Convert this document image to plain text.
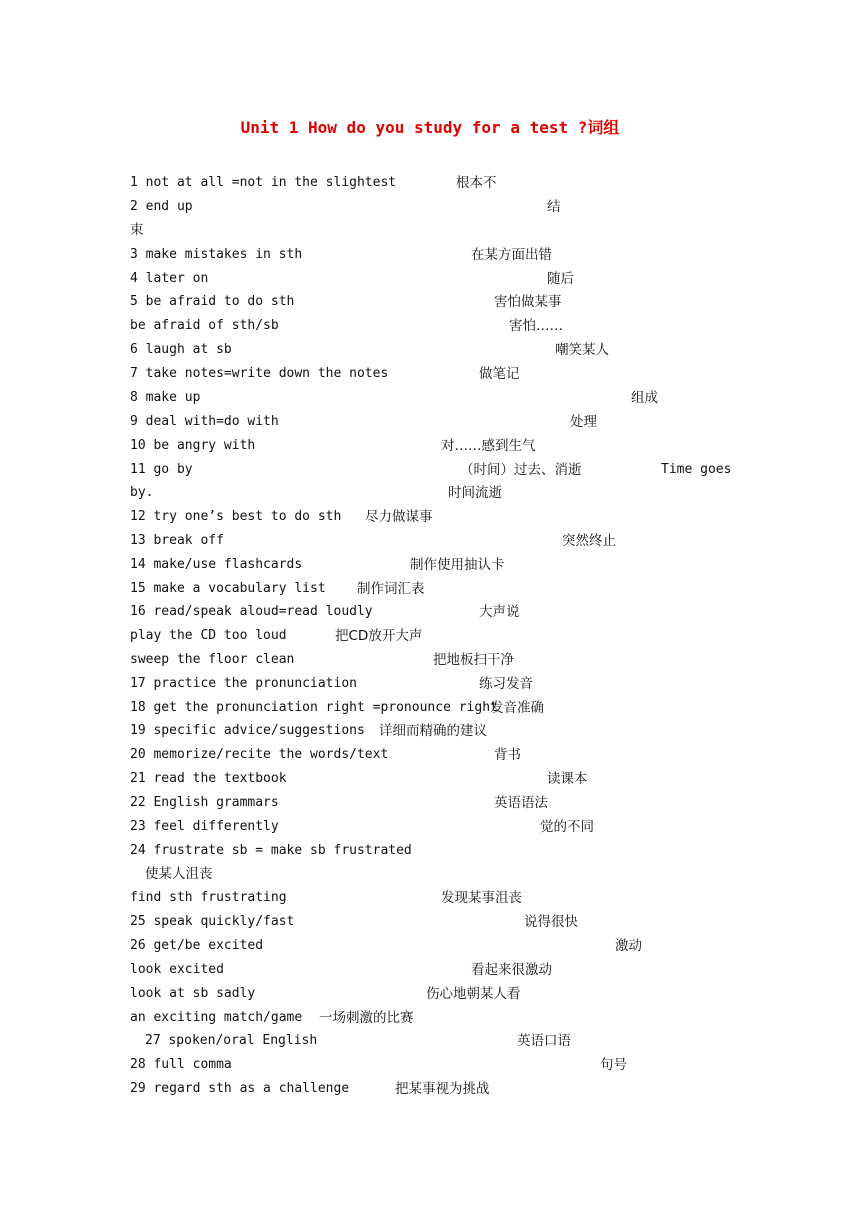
Unit 1 How do you study for a test ?词组
1 not at all =not in the slightest	根本不
2 end up	结
束
3 make mistakes in sth	在某方面出错
4 later on	随后
5 be afraid to do sth	害怕做某事
be afraid of sth/sb	害怕……
6 laugh at sb	嘲笑某人
7 take notes=write down the notes	做笔记
8 make up	组成
9 deal with=do with	处理
10 be angry with	对……感到生气
11 go by	（时间）过去、消逝	Time goes
by.	时间流逝
12 try one’s best to do sth 尽力做谋事
13 break off	突然终止
14 make/use flashcards	制作使用抽认卡
15 make a vocabulary list 制作词汇表
16 read/speak aloud=read loudly	大声说
play the CD too loud	把CD放开大声
sweep the floor clean	把地板扫干净
17 practice the pronunciation	练习发音
18 get the pronunciation right =pronounce right
发音准确
19 specific advice/suggestions 详细而精确的建议
20 memorize/recite the words/text	背书
21 read the textbook	读课本
22 English grammars	英语语法
23 feel differently	觉的不同
24 frustrate sb = make sb frustrated
使某人沮丧
find sth frustrating	发现某事沮丧
25 speak quickly/fast	说得很快
26 get/be excited	激动
look excited	看起来很激动
look at sb sadly	伤心地朝某人看
an exciting match/game 一场刺激的比赛
27 spoken/oral English	英语口语
28 full comma	句号
29 regard sth as a challenge	把某事视为挑战
